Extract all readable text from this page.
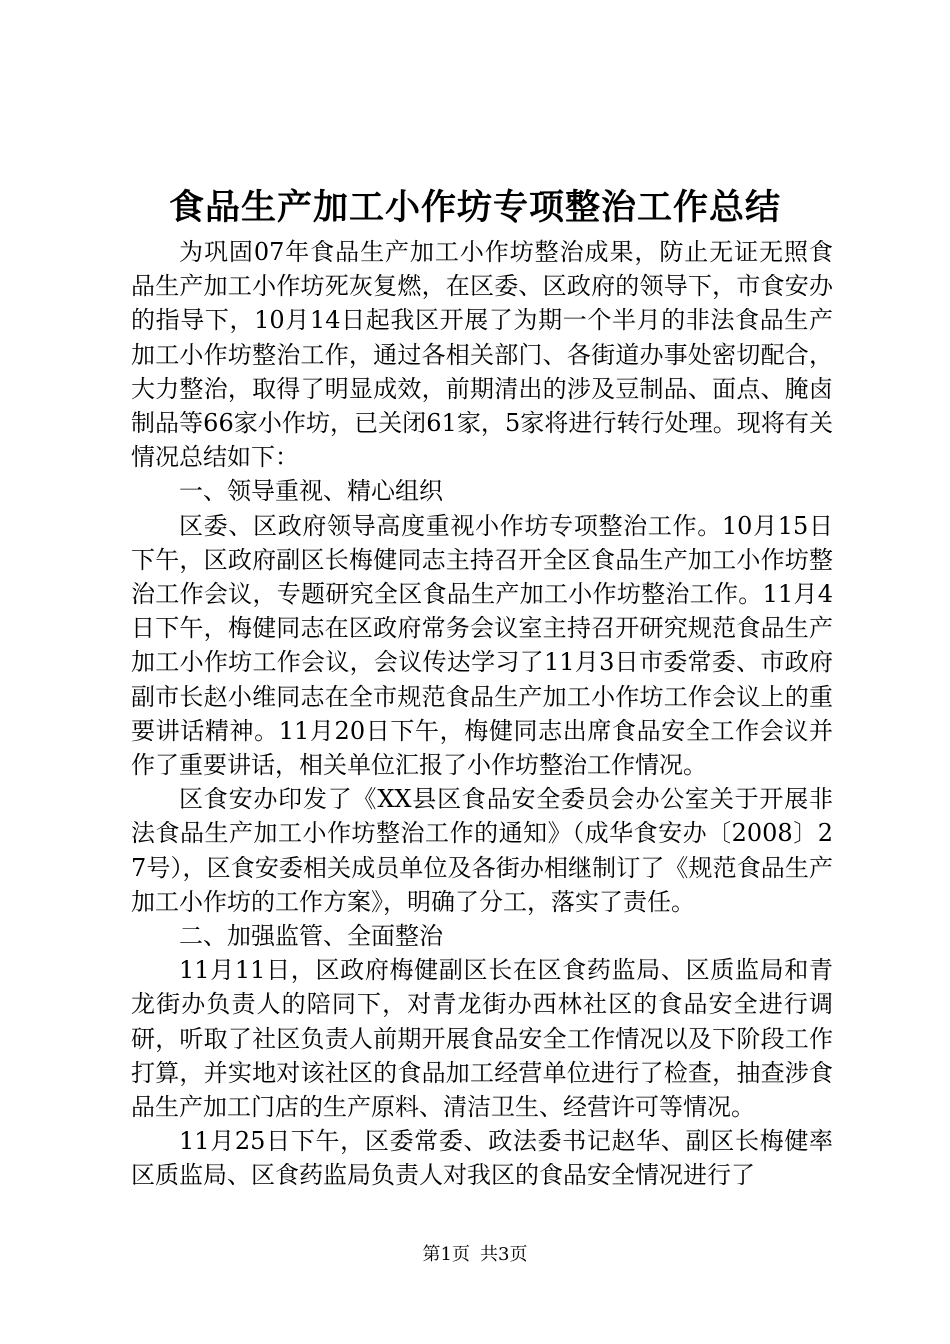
食品生产加工小作坊专项整治工作总结

为巩固07年食品生产加工小作坊整治成果，防止无证无照食品生产加工小作坊死灰复燃，在区委、区政府的领导下，市食安办的指导下，10月14日起我区开展了为期一个半月的非法食品生产加工小作坊整治工作，通过各相关部门、各街道办事处密切配合，大力整治，取得了明显成效，前期清出的涉及豆制品、面点、腌卤制品等66家小作坊，已关闭61家，5家将进行转行处理。现将有关情况总结如下：

一、领导重视、精心组织

区委、区政府领导高度重视小作坊专项整治工作。10月15日下午，区政府副区长梅健同志主持召开全区食品生产加工小作坊整治工作会议，专题研究全区食品生产加工小作坊整治工作。11月4日下午，梅健同志在区政府常务会议室主持召开研究规范食品生产加工小作坊工作会议，会议传达学习了11月3日市委常委、市政府副市长赵小维同志在全市规范食品生产加工小作坊工作会议上的重要讲话精神。11月20日下午，梅健同志出席食品安全工作会议并作了重要讲话，相关单位汇报了小作坊整治工作情况。

区食安办印发了《XX县区食品安全委员会办公室关于开展非法食品生产加工小作坊整治工作的通知》（成华食安办〔2008〕27号），区食安委相关成员单位及各街办相继制订了《规范食品生产加工小作坊的工作方案》，明确了分工，落实了责任。

二、加强监管、全面整治

11月11日，区政府梅健副区长在区食药监局、区质监局和青龙街办负责人的陪同下，对青龙街办西林社区的食品安全进行调研，听取了社区负责人前期开展食品安全工作情况以及下阶段工作打算，并实地对该社区的食品加工经营单位进行了检查，抽查涉食品生产加工门店的生产原料、清洁卫生、经营许可等情况。

11月25日下午，区委常委、政法委书记赵华、副区长梅健率区质监局、区食药监局负责人对我区的食品安全情况进行了

第1页 共3页
